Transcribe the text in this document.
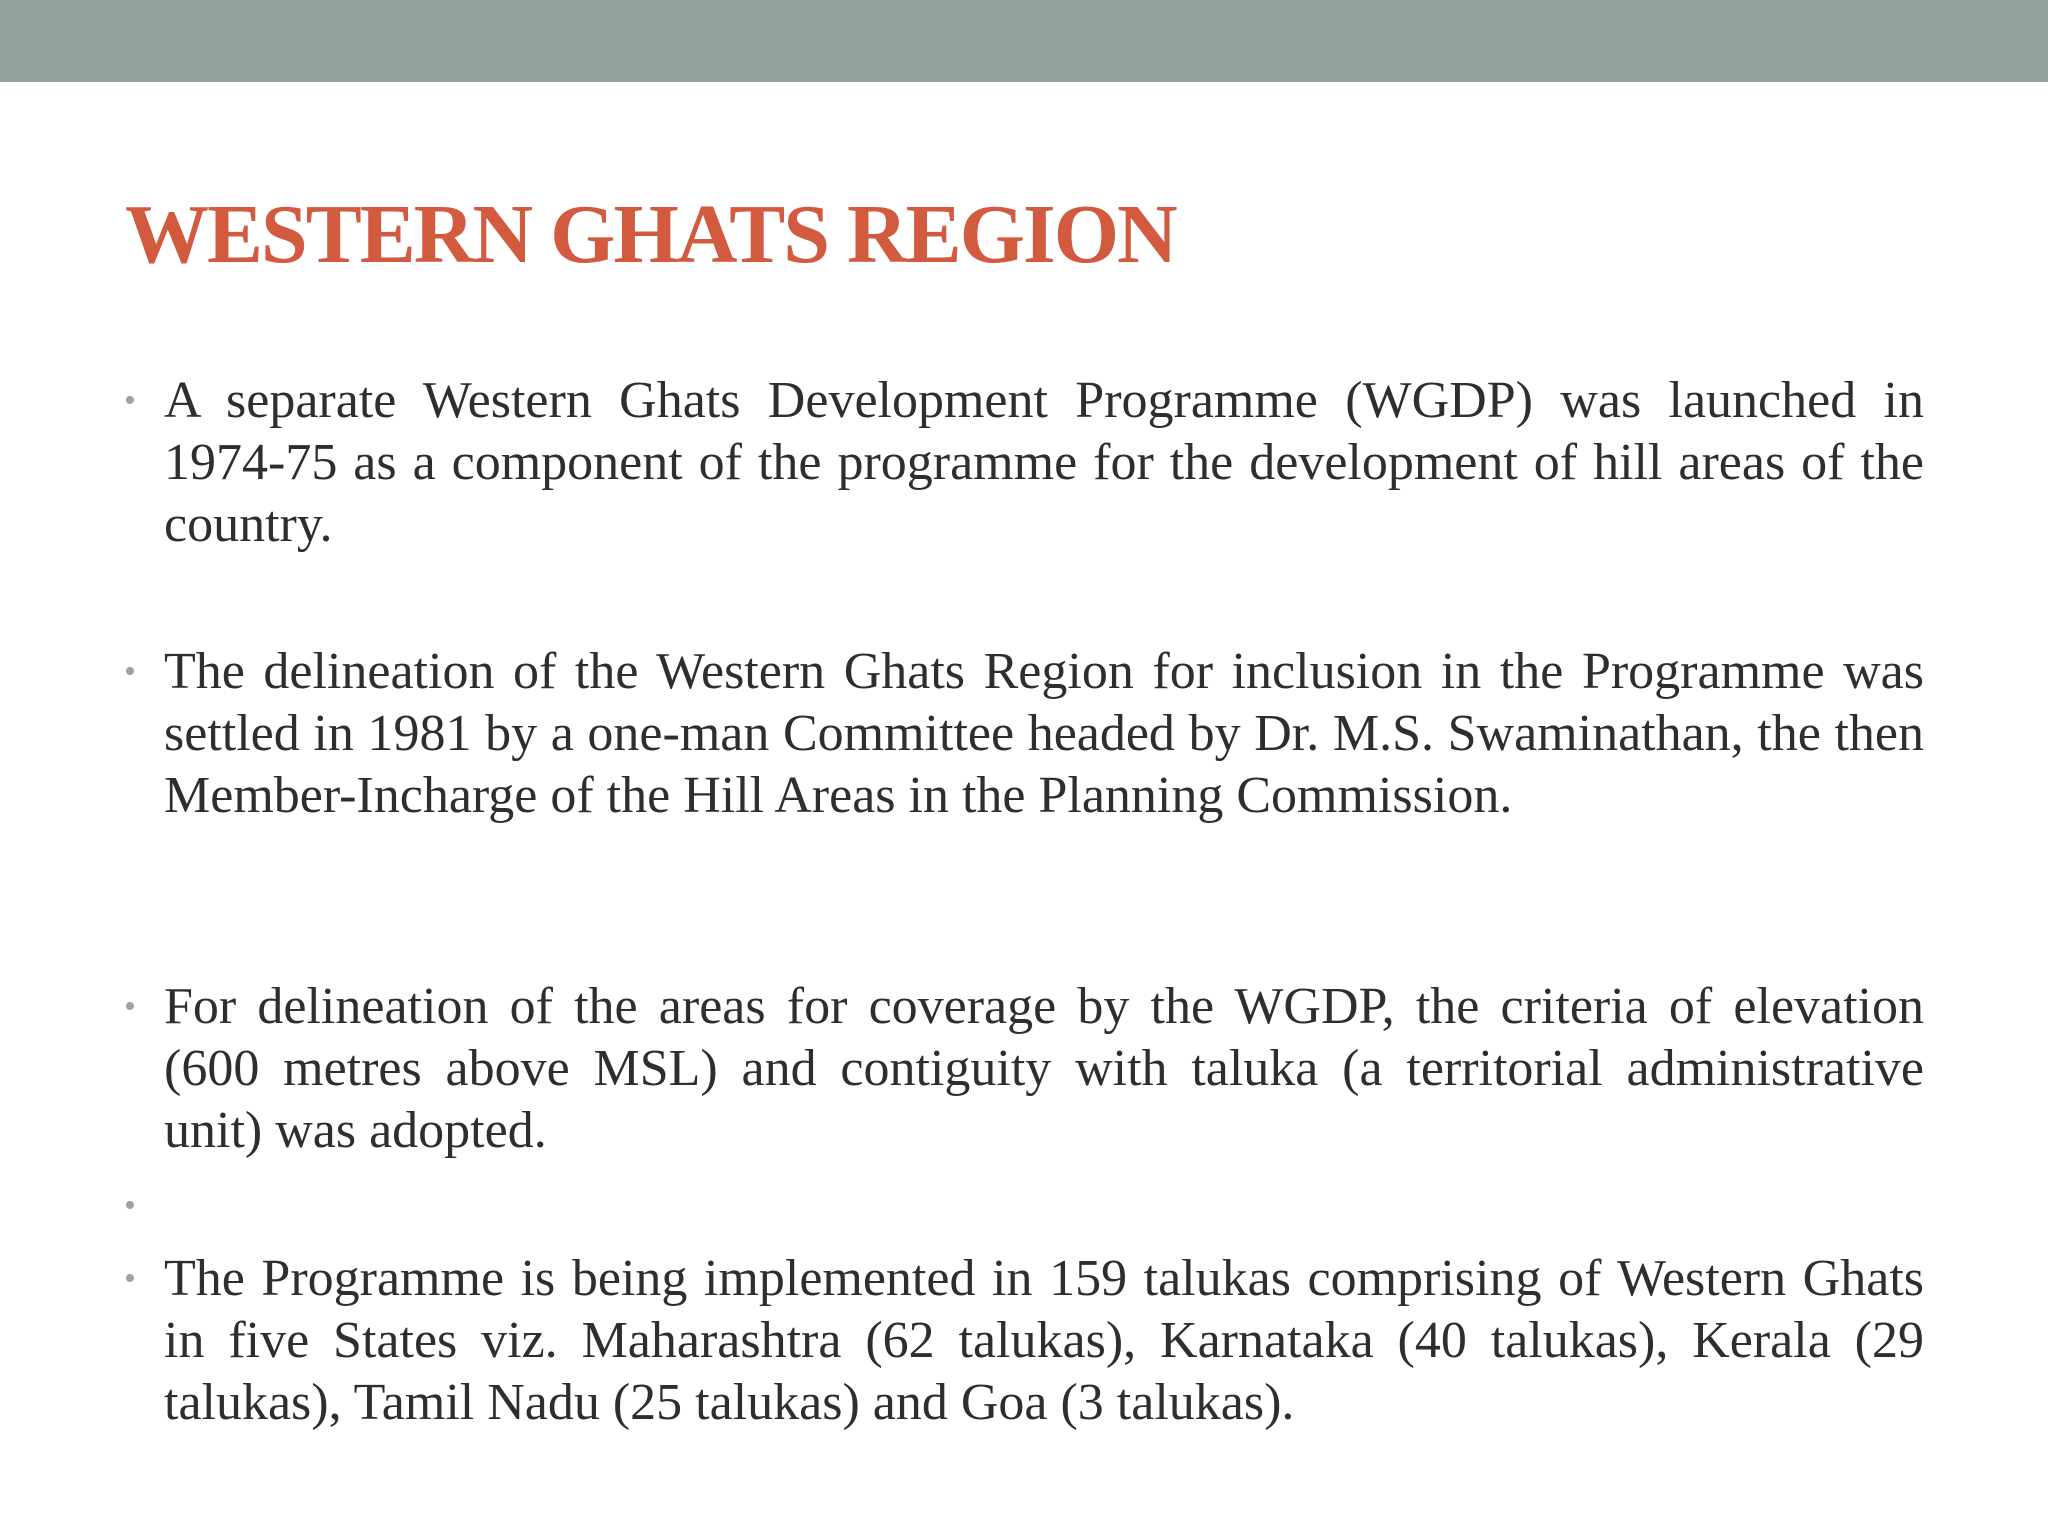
WESTERN GHATS REGION
• A separate Western Ghats Development Programme (WGDP) was launched in 1974-75 as a component of the programme for the development of hill areas of the country.
• The delineation of the Western Ghats Region for inclusion in the Programme was settled in 1981 by a one-man Committee headed by Dr. M.S. Swaminathan, the then Member-Incharge of the Hill Areas in the Planning Commission.
• For delineation of the areas for coverage by the WGDP, the criteria of elevation (600 metres above MSL) and contiguity with taluka (a territorial administrative unit) was adopted.
•
• The Programme is being implemented in 159 talukas comprising of Western Ghats in five States viz. Maharashtra (62 talukas), Karnataka (40 talukas), Kerala (29 talukas), Tamil Nadu (25 talukas) and Goa (3 talukas).
